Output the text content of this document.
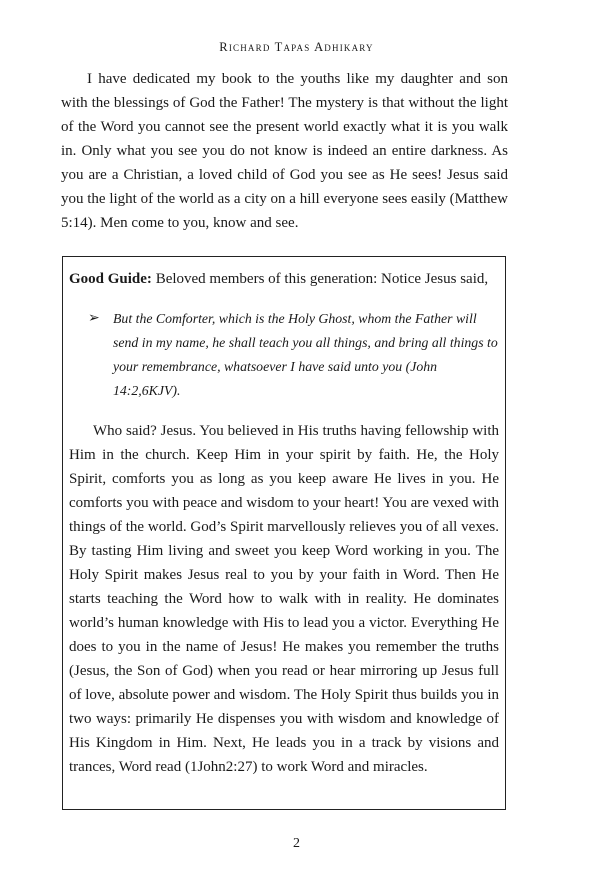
Richard Tapas Adhikary

I have dedicated my book to the youths like my daughter and son with the blessings of God the Father! The mystery is that without the light of the Word you cannot see the present world exactly what it is you walk in. Only what you see you do not know is indeed an entire darkness. As you are a Christian, a loved child of God you see as He sees! Jesus said you the light of the world as a city on a hill everyone sees easily (Matthew 5:14). Men come to you, know and see.

Good Guide: Beloved members of this generation: Notice Jesus said,

➢ But the Comforter, which is the Holy Ghost, whom the Father will send in my name, he shall teach you all things, and bring all things to your remembrance, whatsoever I have said unto you (John 14:2,6KJV).

Who said? Jesus. You believed in His truths having fellowship with Him in the church. Keep Him in your spirit by faith. He, the Holy Spirit, comforts you as long as you keep aware He lives in you. He comforts you with peace and wisdom to your heart! You are vexed with things of the world. God’s Spirit marvellously relieves you of all vexes. By tasting Him living and sweet you keep Word working in you. The Holy Spirit makes Jesus real to you by your faith in Word. Then He starts teaching the Word how to walk with in reality. He dominates world’s human knowledge with His to lead you a victor. Everything He does to you in the name of Jesus! He makes you remember the truths (Jesus, the Son of God) when you read or hear mirroring up Jesus full of love, absolute power and wisdom. The Holy Spirit thus builds you in two ways: primarily He dispenses you with wisdom and knowledge of His Kingdom in Him. Next, He leads you in a track by visions and trances, Word read (1John2:27) to work Word and miracles.

2
